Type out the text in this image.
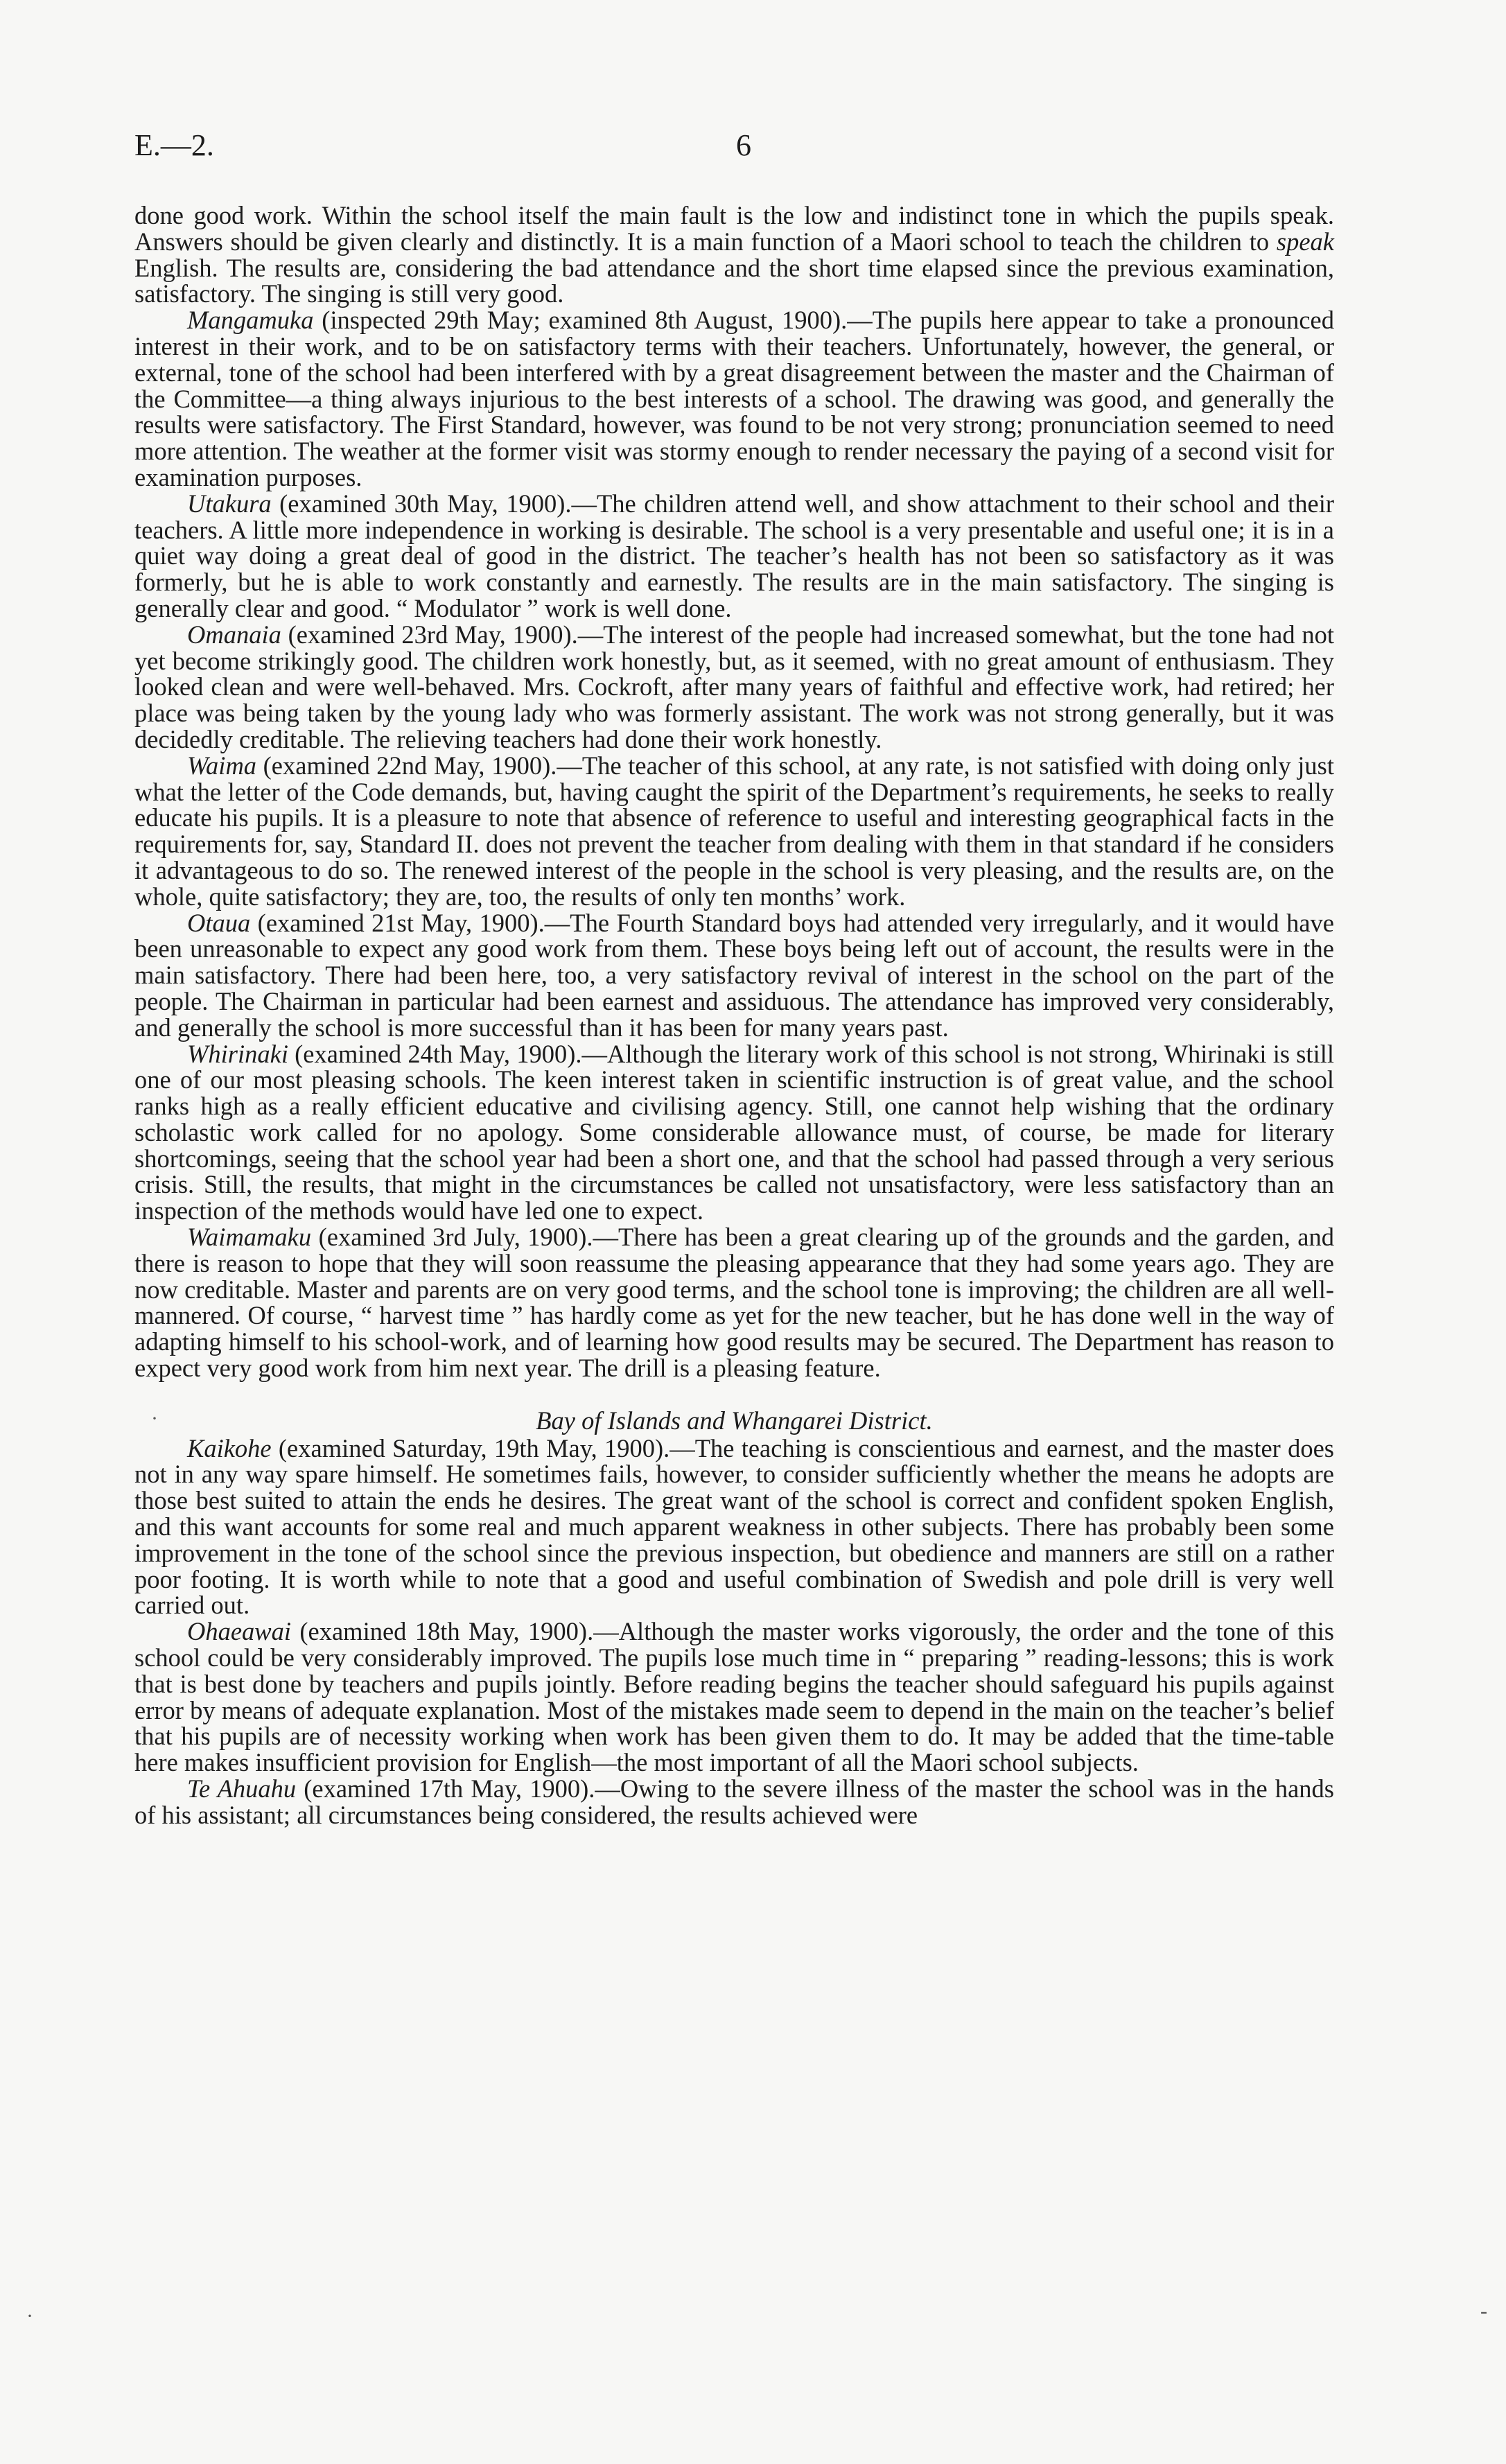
E.—2.	6

done good work. Within the school itself the main fault is the low and indistinct tone in which the pupils speak. Answers should be given clearly and distinctly. It is a main function of a Maori school to teach the children to speak English. The results are, considering the bad attendance and the short time elapsed since the previous examination, satisfactory. The singing is still very good.

Mangamuka (inspected 29th May; examined 8th August, 1900).—The pupils here appear to take a pronounced interest in their work, and to be on satisfactory terms with their teachers. Unfortunately, however, the general, or external, tone of the school had been interfered with by a great disagreement between the master and the Chairman of the Committee—a thing always injurious to the best interests of a school. The drawing was good, and generally the results were satisfactory. The First Standard, however, was found to be not very strong; pronunciation seemed to need more attention. The weather at the former visit was stormy enough to render necessary the paying of a second visit for examination purposes.

Utakura (examined 30th May, 1900).—The children attend well, and show attachment to their school and their teachers. A little more independence in working is desirable. The school is a very presentable and useful one; it is in a quiet way doing a great deal of good in the district. The teacher’s health has not been so satisfactory as it was formerly, but he is able to work constantly and earnestly. The results are in the main satisfactory. The singing is generally clear and good. “ Modulator ” work is well done.

Omanaia (examined 23rd May, 1900).—The interest of the people had increased somewhat, but the tone had not yet become strikingly good. The children work honestly, but, as it seemed, with no great amount of enthusiasm. They looked clean and were well-behaved. Mrs. Cockroft, after many years of faithful and effective work, had retired; her place was being taken by the young lady who was formerly assistant. The work was not strong generally, but it was decidedly creditable. The relieving teachers had done their work honestly.

Waima (examined 22nd May, 1900).—The teacher of this school, at any rate, is not satisfied with doing only just what the letter of the Code demands, but, having caught the spirit of the Department’s requirements, he seeks to really educate his pupils. It is a pleasure to note that absence of reference to useful and interesting geographical facts in the requirements for, say, Standard II. does not prevent the teacher from dealing with them in that standard if he considers it advantageous to do so. The renewed interest of the people in the school is very pleasing, and the results are, on the whole, quite satisfactory; they are, too, the results of only ten months’ work.

Otaua (examined 21st May, 1900).—The Fourth Standard boys had attended very irregularly, and it would have been unreasonable to expect any good work from them. These boys being left out of account, the results were in the main satisfactory. There had been here, too, a very satisfactory revival of interest in the school on the part of the people. The Chairman in particular had been earnest and assiduous. The attendance has improved very considerably, and generally the school is more successful than it has been for many years past.

Whirinaki (examined 24th May, 1900).—Although the literary work of this school is not strong, Whirinaki is still one of our most pleasing schools. The keen interest taken in scientific instruction is of great value, and the school ranks high as a really efficient educative and civilising agency. Still, one cannot help wishing that the ordinary scholastic work called for no apology. Some considerable allowance must, of course, be made for literary shortcomings, seeing that the school year had been a short one, and that the school had passed through a very serious crisis. Still, the results, that might in the circumstances be called not unsatisfactory, were less satisfactory than an inspection of the methods would have led one to expect.

Waimamaku (examined 3rd July, 1900).—There has been a great clearing up of the grounds and the garden, and there is reason to hope that they will soon reassume the pleasing appearance that they had some years ago. They are now creditable. Master and parents are on very good terms, and the school tone is improving; the children are all well-mannered. Of course, “ harvest time ” has hardly come as yet for the new teacher, but he has done well in the way of adapting himself to his school-work, and of learning how good results may be secured. The Department has reason to expect very good work from him next year. The drill is a pleasing feature.

Bay of Islands and Whangarei District.

Kaikohe (examined Saturday, 19th May, 1900).—The teaching is conscientious and earnest, and the master does not in any way spare himself. He sometimes fails, however, to consider sufficiently whether the means he adopts are those best suited to attain the ends he desires. The great want of the school is correct and confident spoken English, and this want accounts for some real and much apparent weakness in other subjects. There has probably been some improvement in the tone of the school since the previous inspection, but obedience and manners are still on a rather poor footing. It is worth while to note that a good and useful combination of Swedish and pole drill is very well carried out.

Ohaeawai (examined 18th May, 1900).—Although the master works vigorously, the order and the tone of this school could be very considerably improved. The pupils lose much time in “ preparing ” reading-lessons; this is work that is best done by teachers and pupils jointly. Before reading begins the teacher should safeguard his pupils against error by means of adequate explanation. Most of the mistakes made seem to depend in the main on the teacher’s belief that his pupils are of necessity working when work has been given them to do. It may be added that the time-table here makes insufficient provision for English—the most important of all the Maori school subjects.

Te Ahuahu (examined 17th May, 1900).—Owing to the severe illness of the master the school was in the hands of his assistant; all circumstances being considered, the results achieved were

·
·	-
